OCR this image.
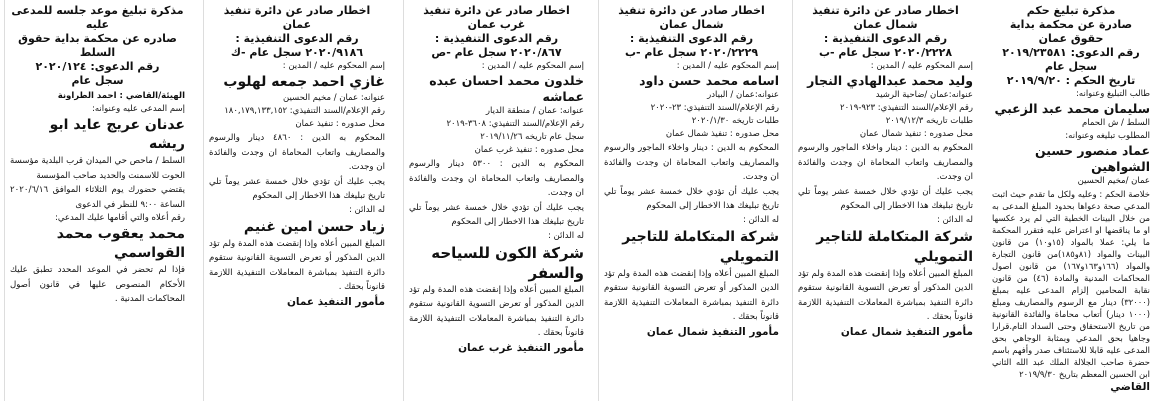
مذكرة تبليغ موعد جلسه للمدعى عليه
صادره عن محكمة بداية حقوق السلط
رقم الدعوى: ٢٠٢٠/١٢٤
سجل عام
الهيئة/القاضي : احمد الطراونة
إسم المدعى عليه وعنوانه:
عدنان عريج عايد ابو ريشه
السلط / ماحص حي الميدان قرب البلدية مؤسسة الحوت للاسمنت والحديد صاحب المؤسسة
يقتضي حضورك يوم الثلاثاء الموافق ٢٠٢٠/٦/١٦ الساعة ٩:٠٠ للنظر في الدعوى
رقم أعلاه والتي أقامها عليك المدعي:
محمد يعقوب محمد القواسمي
فإذا لم تحضر في الموعد المحدد تطبق عليك الأحكام المنصوص عليها في قانون أصول المحاكمات المدنية .
اخطار صادر عن دائرة تنفيذ عمان
رقم الدعوى التنفيذية :
٢٠٢٠/٩١٨٦ سجل عام -ك
إسم المحكوم عليه / المدين :
غازي احمد جمعه لهلوب
عنوانه: عمان / مخيم الحسين
رقم الإعلام/السند التنفيذي: ١٨٠,١٧٩,١٣٣,١٥٢
محل صدوره : تنفيذ عمان
المحكوم به الدين : ٤٨٦٠ دينار والرسوم والمصاريف واتعاب المحاماة ان وجدت والفائدة ان وجدت.
يجب عليك أن تؤدي خلال خمسة عشر يوماً تلي تاريخ تبليغك هذا الاخطار إلى المحكوم
له الدائن :
زياد حسن امين غنيم
المبلغ المبين أعلاه وإذا إنقضت هذه المدة ولم تؤد الدين المذكور أو تعرض التسوية القانونية ستقوم دائرة التنفيذ بمباشرة المعاملات التنفيذية اللازمة قانوناً بحقك .
مأمور التنفيذ عمان
اخطار صادر عن دائرة تنفيذ
غرب عمان
رقم الدعوى التنفيذية :
٢٠٢٠/٨٦٧ سجل عام -ص
إسم المحكوم عليه / المدين :
خلدون محمد احسان عبده عماشه
عنوانه: عمان / منطقة الديار
رقم الإعلام/السند التنفيذي: ٣٦٠٨-٢٠١٩
سجل عام تاريخه ٢٠١٩/١١/٢٦
محل صدوره : تنفيذ غرب عمان
المحكوم به الدين : ٥٣٠٠ دينار والرسوم والمصاريف واتعاب المحاماة ان وجدت والفائدة ان وجدت.
يجب عليك أن تؤدي خلال خمسة عشر يوماً تلي تاريخ تبليغك هذا الاخطار إلى المحكوم
له الدائن :
شركة الكون للسياحه والسفر
المبلغ المبين أعلاه وإذا إنقضت هذه المدة ولم تؤد الدين المذكور أو تعرض التسوية القانونية ستقوم دائرة التنفيذ بمباشرة المعاملات التنفيذية اللازمة قانوناً بحقك .
مأمور التنفيذ غرب عمان
اخطار صادر عن دائرة تنفيذ
شمال عمان
رقم الدعوى التنفيذية :
٢٠٢٠/٢٢٢٩ سجل عام -ب
إسم المحكوم عليه / المدين :
اسامه محمد حسن داود
عنوانه:عمان / البيادر
رقم الإعلام/السند التنفيذي: ٢٣-٢٠٢٠
طلبات تاريخه ٢٠٢٠/١/٣٠
محل صدوره : تنفيذ شمال عمان
المحكوم به الدين : دينار واخلاء الماجور والرسوم والمصاريف واتعاب المحاماة ان وجدت والفائدة ان وجدت.
يجب عليك أن تؤدي خلال خمسة عشر يوماً تلي تاريخ تبليغك هذا الاخطار إلى المحكوم
له الدائن :
شركة المتكاملة للتاجير التمويلي
المبلغ المبين أعلاه وإذا إنقضت هذه المدة ولم تؤد الدين المذكور أو تعرض التسوية القانونية ستقوم دائرة التنفيذ بمباشرة المعاملات التنفيذية اللازمة قانوناً بحقك .
مأمور التنفيذ شمال عمان
اخطار صادر عن دائرة تنفيذ
شمال عمان
رقم الدعوى التنفيذية :
٢٠٢٠/٢٢٢٨ سجل عام -ب
إسم المحكوم عليه / المدين :
وليد محمد عبدالهادي النجار
عنوانه:عمان /ضاحية الرشيد
رقم الإعلام/السند التنفيذي: ٩٢٣-٢٠١٩
طلبات تاريخه ٢٠١٩/١٢/٣
محل صدوره : تنفيذ شمال عمان
المحكوم به الدين : دينار واخلاء الماجور والرسوم والمصاريف واتعاب المحاماة ان وجدت والفائدة ان وجدت.
يجب عليك أن تؤدي خلال خمسة عشر يوماً تلي تاريخ تبليغك هذا الاخطار إلى المحكوم
له الدائن :
شركة المتكاملة للتاجير التمويلي
المبلغ المبين أعلاه وإذا إنقضت هذه المدة ولم تؤد الدين المذكور أو تعرض التسوية القانونية ستقوم دائرة التنفيذ بمباشرة المعاملات التنفيذية اللازمة قانوناً بحقك .
مأمور التنفيذ شمال عمان
مذكرة تبليغ حكم
صادرة عن محكمة بداية حقوق عمان
رقم الدعوى: ٢٠١٩/٢٣٥٨١ سجل عام
تاريخ الحكم : ٢٠١٩/٩/٢٠
طالب التبليغ وعنوانه:
سليمان محمد عبد الزعبي
السلط / ش الحمام
المطلوب تبليغه وعنوانه:
عماد منصور حسين الشواهين
عمان /مخيم الحسين
خلاصة الحكم : وعليه ولكل ما تقدم حيث اثبت المدعي صحة دعواها بحدود المبلغ المدعى به من خلال البينات الخطية التي لم يرد عكسها او ما يناقضها او اعتراض عليه فتقرر المحكمة ما يلي: عملا بالمواد (١٥و١٠) من قانون البينات والمواد (٨١و١٨٥)من قانون التجارة والمواد (١٦٦و١٦٣و١٦٧) من قانون اصول المحاكمات المدنية والمادة (٤٦) من قانون نقابة المحامين إلزام المدعى عليه بمبلغ (٣٢٠٠٠) دينار مع الرسوم والمصاريف ومبلغ (١٠٠٠ دينار) أتعاب محاماة والفائدة القانونية من تاريخ الاستحقاق وحتى السداد التام.قرارا وجاهيا بحق المدعي وبمثابة الوجاهي بحق المدعى عليه قابلا للاستئناف صدر وأفهم باسم حضرة صاحب الجلالة الملك عبد الله الثاني ابن الحسين المعظم بتاريخ ٢٠١٩/٩/٣٠
القاضي
